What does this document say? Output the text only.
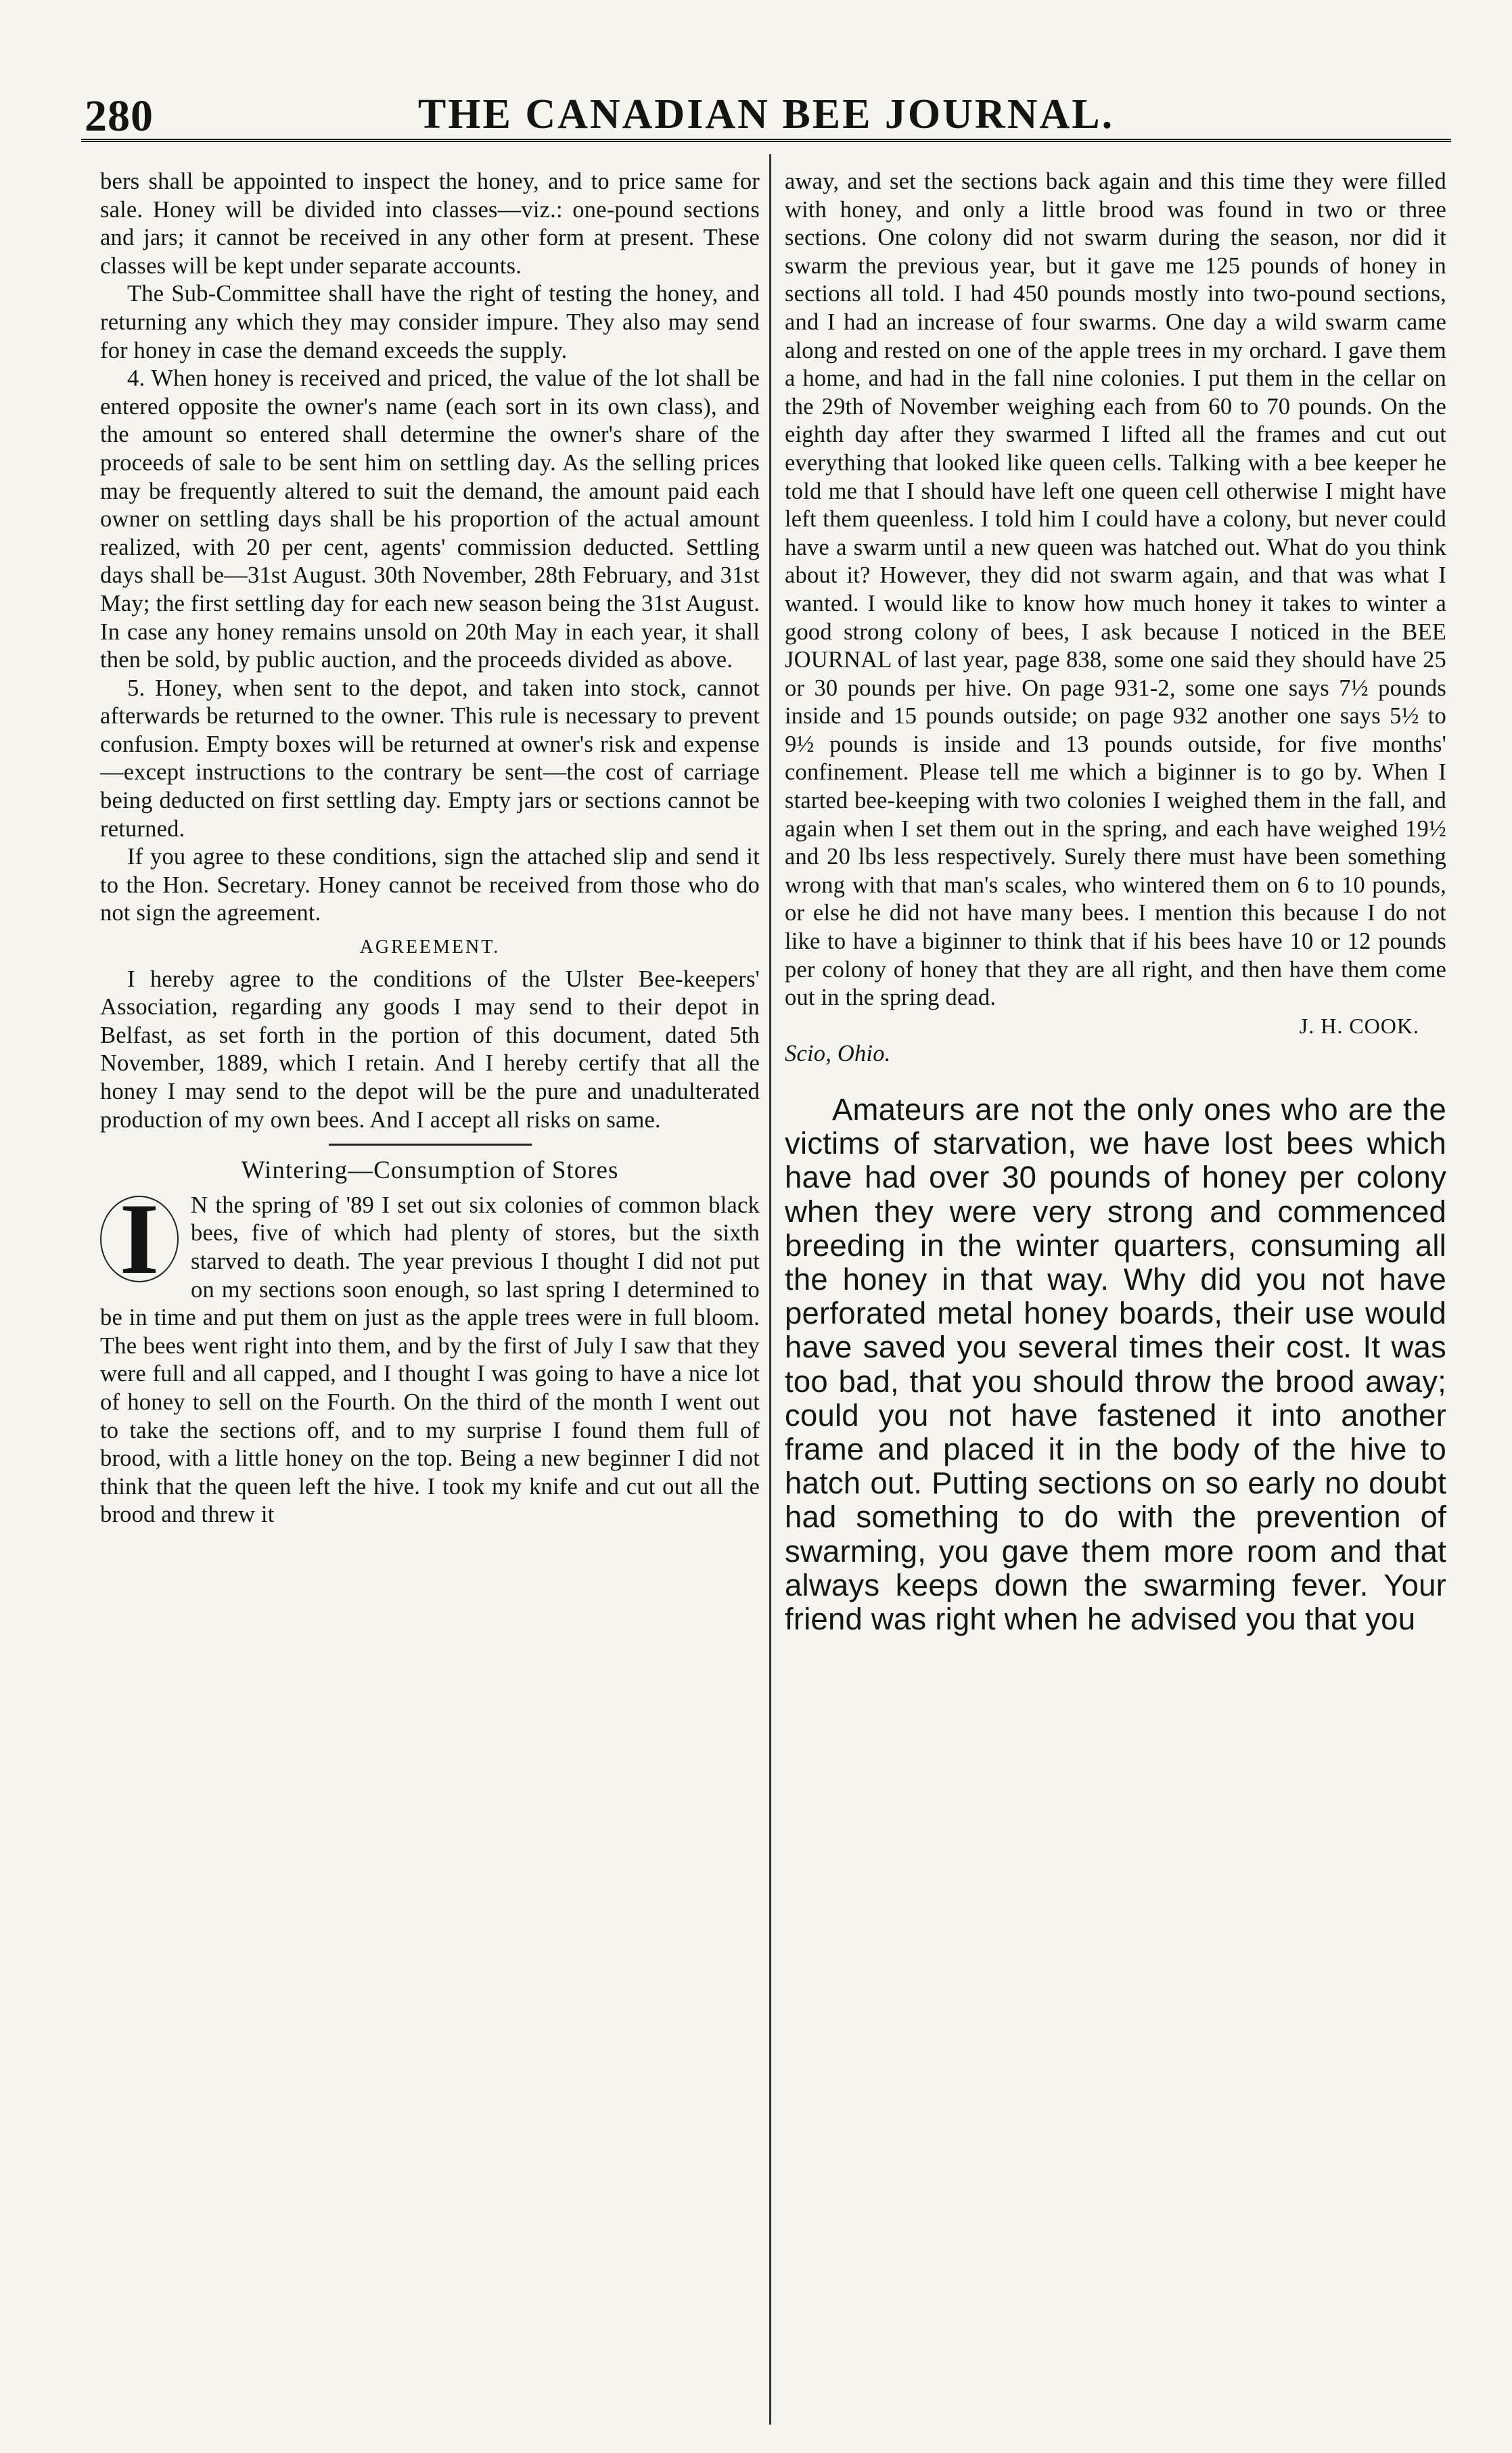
280	THE CANADIAN BEE JOURNAL.

bers shall be appointed to inspect the honey, and to price same for sale. Honey will be divided into classes—viz.: one-pound sections and jars; it cannot be received in any other form at present. These classes will be kept under separate accounts.

The Sub-Committee shall have the right of testing the honey, and returning any which they may consider impure. They also may send for honey in case the demand exceeds the supply.

4. When honey is received and priced, the value of the lot shall be entered opposite the owner's name (each sort in its own class), and the amount so entered shall determine the owner's share of the proceeds of sale to be sent him on settling day. As the selling prices may be frequently altered to suit the demand, the amount paid each owner on settling days shall be his proportion of the actual amount realized, with 20 per cent, agents' commission deducted. Settling days shall be—31st August. 30th November, 28th February, and 31st May; the first settling day for each new season being the 31st August. In case any honey remains unsold on 20th May in each year, it shall then be sold, by public auction, and the proceeds divided as above.

5. Honey, when sent to the depot, and taken into stock, cannot afterwards be returned to the owner. This rule is necessary to prevent confusion. Empty boxes will be returned at owner's risk and expense—except instructions to the contrary be sent—the cost of carriage being deducted on first settling day. Empty jars or sections cannot be returned.

If you agree to these conditions, sign the attached slip and send it to the Hon. Secretary. Honey cannot be received from those who do not sign the agreement.

AGREEMENT.

I hereby agree to the conditions of the Ulster Bee-keepers' Association, regarding any goods I may send to their depot in Belfast, as set forth in the portion of this document, dated 5th November, 1889, which I retain. And I hereby certify that all the honey I may send to the depot will be the pure and unadulterated production of my own bees. And I accept all risks on same.

Wintering—Consumption of Stores

I	N the spring of '89 I set out six colonies of common black bees, five of which had plenty of stores, but the sixth starved to death. The year previous I thought I did not put on my sections soon enough, so last spring I determined to be in time and put them on just as the apple trees were in full bloom. The bees went right into them, and by the first of July I saw that they were full and all capped, and I thought I was going to have a nice lot of honey to sell on the Fourth. On the third of the month I went out to take the sections off, and to my surprise I found them full of brood, with a little honey on the top. Being a new beginner I did not think that the queen left the hive. I took my knife and cut out all the brood and threw it

away, and set the sections back again and this time they were filled with honey, and only a little brood was found in two or three sections. One colony did not swarm during the season, nor did it swarm the previous year, but it gave me 125 pounds of honey in sections all told. I had 450 pounds mostly into two-pound sections, and I had an increase of four swarms. One day a wild swarm came along and rested on one of the apple trees in my orchard. I gave them a home, and had in the fall nine colonies. I put them in the cellar on the 29th of November weighing each from 60 to 70 pounds. On the eighth day after they swarmed I lifted all the frames and cut out everything that looked like queen cells. Talking with a bee keeper he told me that I should have left one queen cell otherwise I might have left them queenless. I told him I could have a colony, but never could have a swarm until a new queen was hatched out. What do you think about it? However, they did not swarm again, and that was what I wanted. I would like to know how much honey it takes to winter a good strong colony of bees, I ask because I noticed in the BEE JOURNAL of last year, page 838, some one said they should have 25 or 30 pounds per hive. On page 931-2, some one says 7½ pounds inside and 15 pounds outside; on page 932 another one says 5½ to 9½ pounds is inside and 13 pounds outside, for five months' confinement. Please tell me which a biginner is to go by. When I started bee-keeping with two colonies I weighed them in the fall, and again when I set them out in the spring, and each have weighed 19½ and 20 lbs less respectively. Surely there must have been something wrong with that man's scales, who wintered them on 6 to 10 pounds, or else he did not have many bees. I mention this because I do not like to have a biginner to think that if his bees have 10 or 12 pounds per colony of honey that they are all right, and then have them come out in the spring dead.

J. H. COOK.

Scio, Ohio.

Amateurs are not the only ones who are the victims of starvation, we have lost bees which have had over 30 pounds of honey per colony when they were very strong and commenced breeding in the winter quarters, consuming all the honey in that way. Why did you not have perforated metal honey boards, their use would have saved you several times their cost. It was too bad, that you should throw the brood away; could you not have fastened it into another frame and placed it in the body of the hive to hatch out. Putting sections on so early no doubt had something to do with the prevention of swarming, you gave them more room and that always keeps down the swarming fever. Your friend was right when he advised you that you
